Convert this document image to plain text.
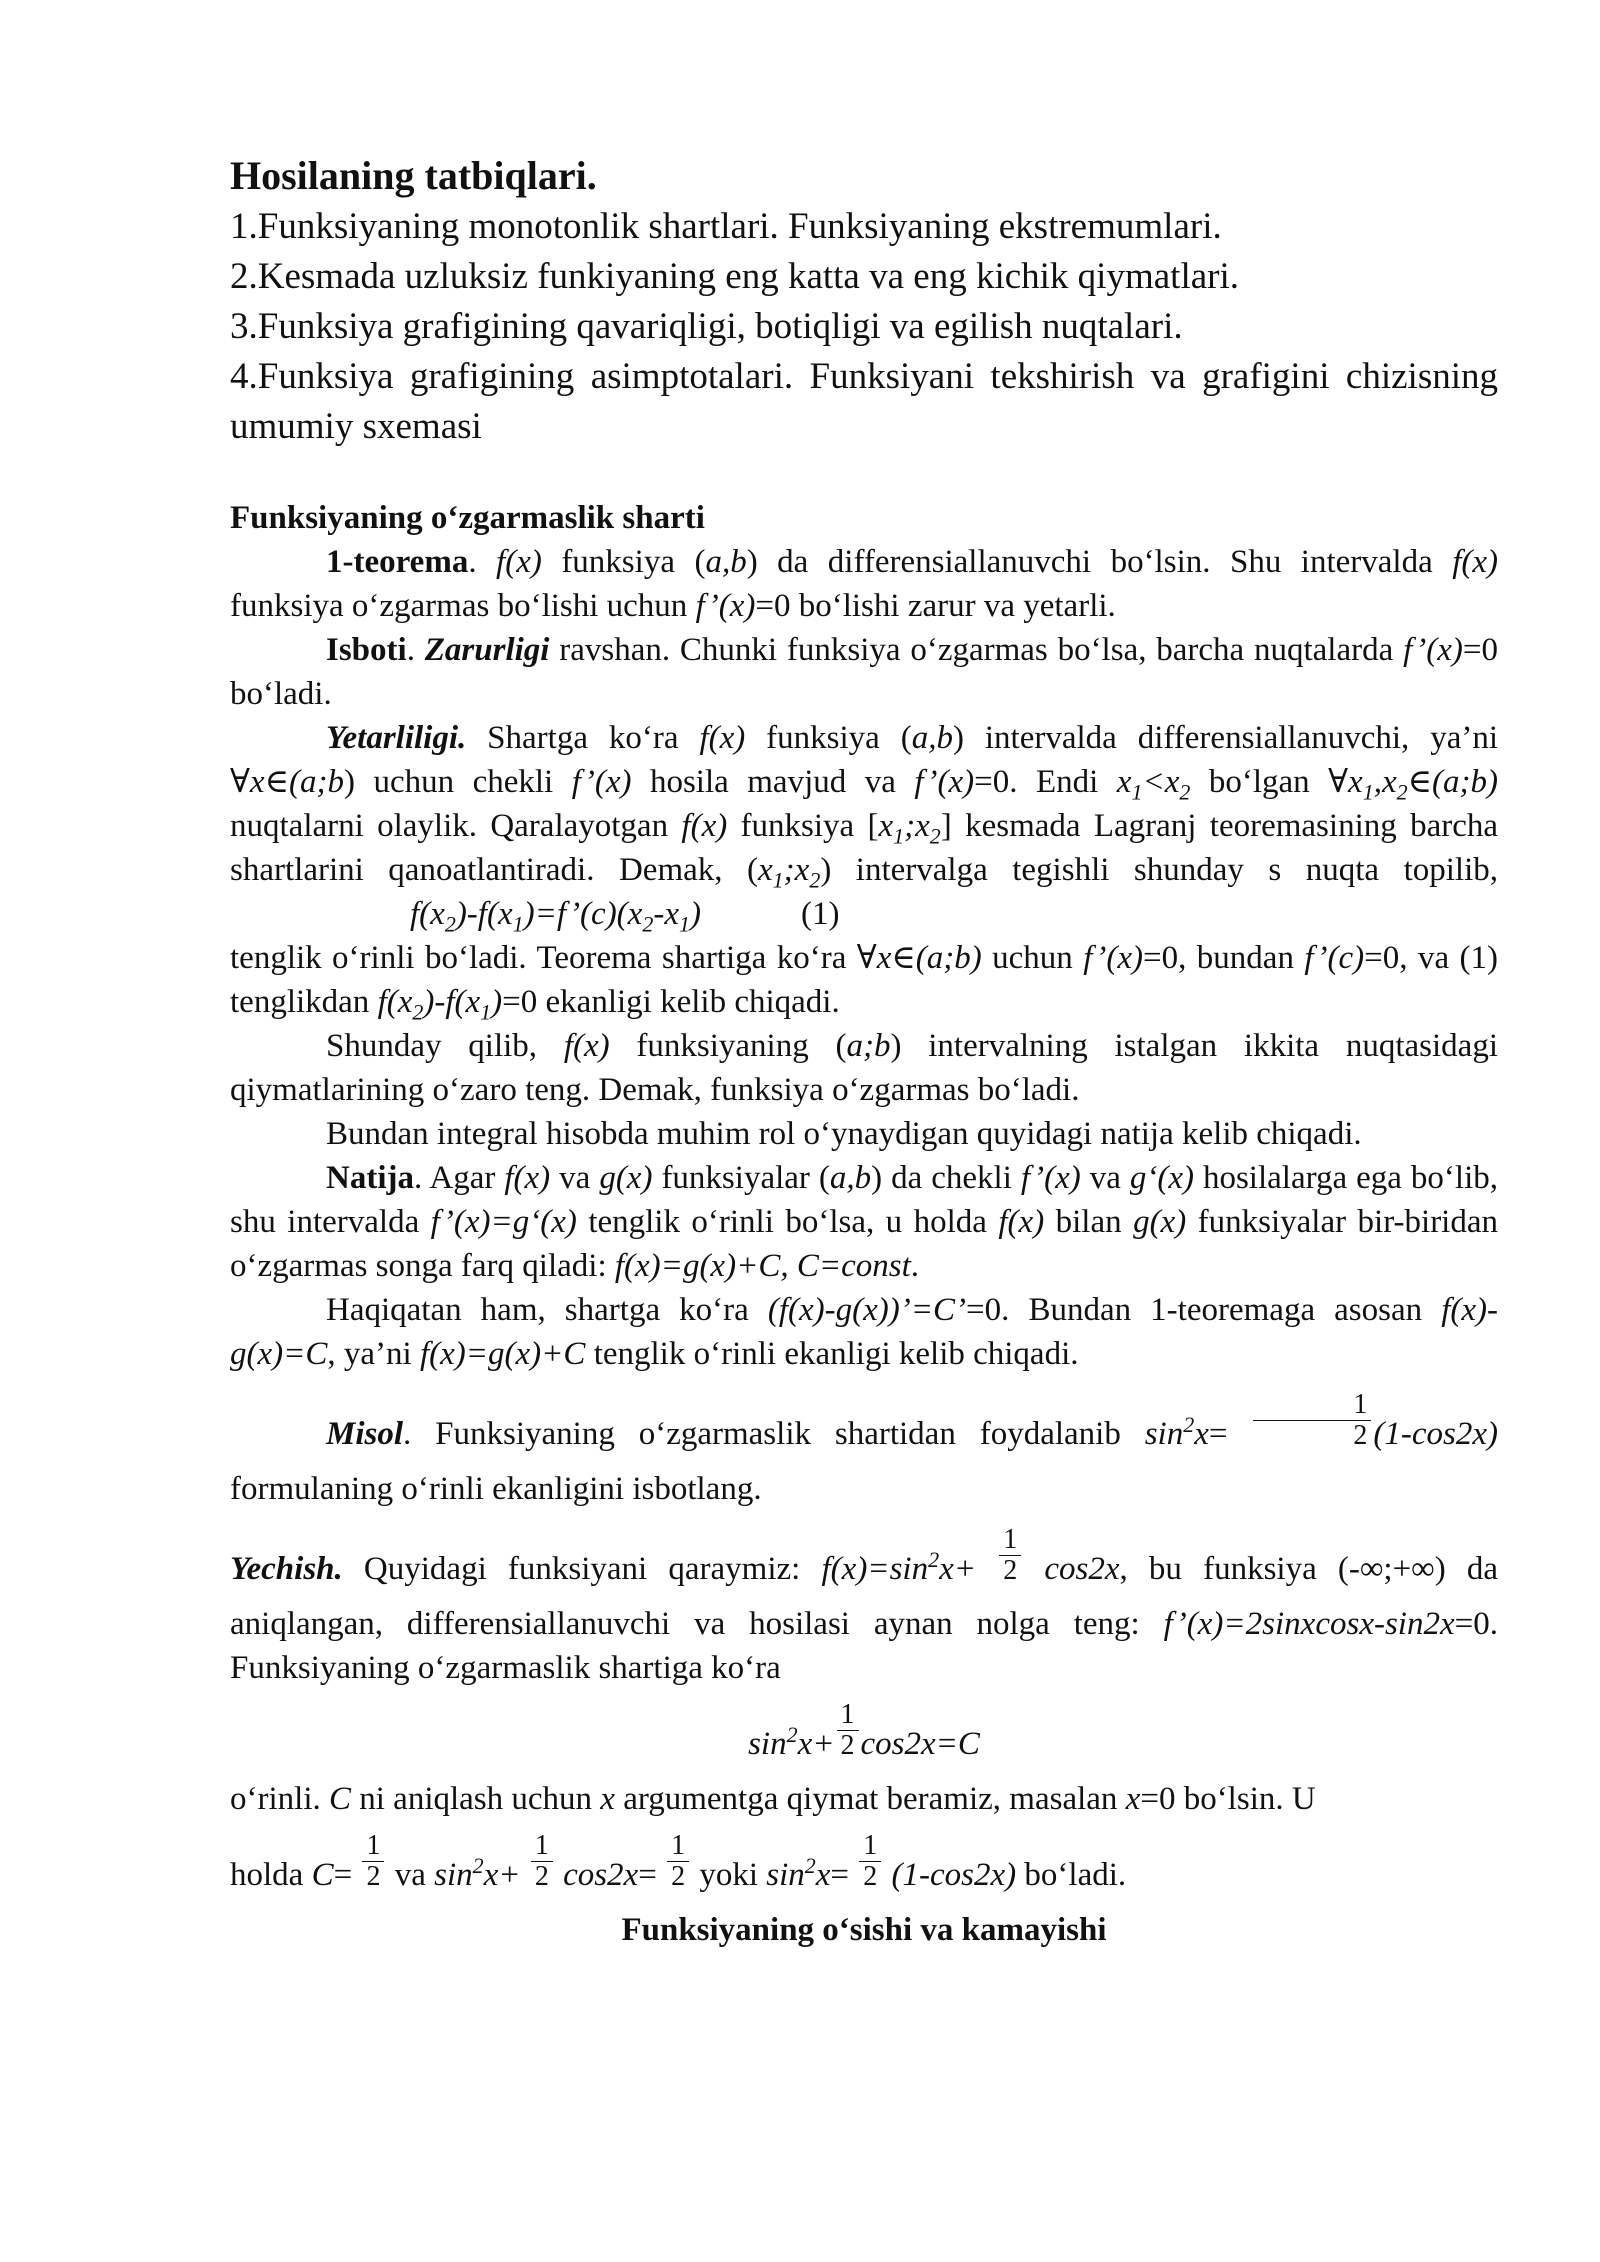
Hosilaning tatbiqlari.
1.Funksiyaning monotonlik shartlari. Funksiyaning ekstremumlari.
2.Kesmada uzluksiz funkiyaning eng katta va eng kichik qiymatlari.
3.Funksiya grafigining qavariqligi, botiqligi va egilish nuqtalari.
4.Funksiya grafigining asimptotalari. Funksiyani tekshirish va grafigini chizisning umumiy sxemasi
Funksiyaning o‘zgarmaslik sharti

1-teorema. f(x) funksiya (a,b) da differensiallanuvchi bo‘lsin. Shu intervalda f(x) funksiya o‘zgarmas bo‘lishi uchun f’(x)=0 bo‘lishi zarur va yetarli.

Isboti. Zarurligi ravshan. Chunki funksiya o‘zgarmas bo‘lsa, barcha nuqtalarda f’(x)=0 bo‘ladi.

Yetarliligi. Shartga ko‘ra f(x) funksiya (a,b) intervalda differensiallanuvchi, ya’ni ∀x∈(a;b) uchun chekli f’(x) hosila mavjud va f’(x)=0. Endi $x_1<x_2$ bo‘lgan $\forall x_1,x_2\in(a;b)$ nuqtalarni olaylik. Qaralayotgan f(x) funksiya $[x_1;x_2]$ kesmada Lagranj teoremasining barcha shartlarini qanoatlantiradi. Demak, $(x_1;x_2)$ intervalga tegishli shunday s nuqta topilib, $f(x_2)-f(x_1)=f’(c)(x_2-x_1)$	(1)

tenglik o‘rinli bo‘ladi. Teorema shartiga ko‘ra ∀x∈(a;b) uchun f’(x)=0, bundan f’(c)=0, va (1) tenglikdan $f(x_2)-f(x_1)=0$ ekanligi kelib chiqadi.

Shunday qilib, f(x) funksiyaning (a;b) intervalning istalgan ikkita nuqtasidagi qiymatlarining o‘zaro teng. Demak, funksiya o‘zgarmas bo‘ladi.

Bundan integral hisobda muhim rol o‘ynaydigan quyidagi natija kelib chiqadi.

Natija. Agar f(x) va g(x) funksiyalar (a,b) da chekli f’(x) va g‘(x) hosilalarga ega bo‘lib, shu intervalda f’(x)=g‘(x) tenglik o‘rinli bo‘lsa, u holda f(x) bilan g(x) funksiyalar bir-biridan o‘zgarmas songa farq qiladi: f(x)=g(x)+C, C=const.

Haqiqatan ham, shartga ko‘ra (f(x)-g(x))’=C’=0. Bundan 1-teoremaga asosan f(x)-g(x)=C, ya’ni f(x)=g(x)+C tenglik o‘rinli ekanligi kelib chiqadi.

Misol. Funksiyaning o‘zgarmaslik shartidan foydalanib $\sin^2x= \frac{1}{2} (1-\cos 2x)$ formulaning o‘rinli ekanligini isbotlang.

Yechish. Quyidagi funksiyani qaraymiz: $f(x)=\sin^2x+ \frac{1}{2} \cos 2x$, bu funksiya (-∞;+∞) da aniqlangan, differensiallanuvchi va hosilasi aynan nolga teng: f’(x)=2sinxcosx-sin2x=0. Funksiyaning o‘zgarmaslik shartiga ko‘ra

$\sin^2x+ \frac{1}{2} \cos 2x=C$

o‘rinli. C ni aniqlash uchun x argumentga qiymat beramiz, masalan x=0 bo‘lsin. U

holda $C= \frac{1}{2}$ va $\sin^2x+ \frac{1}{2} \cos 2x= \frac{1}{2}$ yoki $\sin^2x= \frac{1}{2} (1-\cos 2x)$ bo‘ladi.

Funksiyaning o‘sishi va kamayishi
